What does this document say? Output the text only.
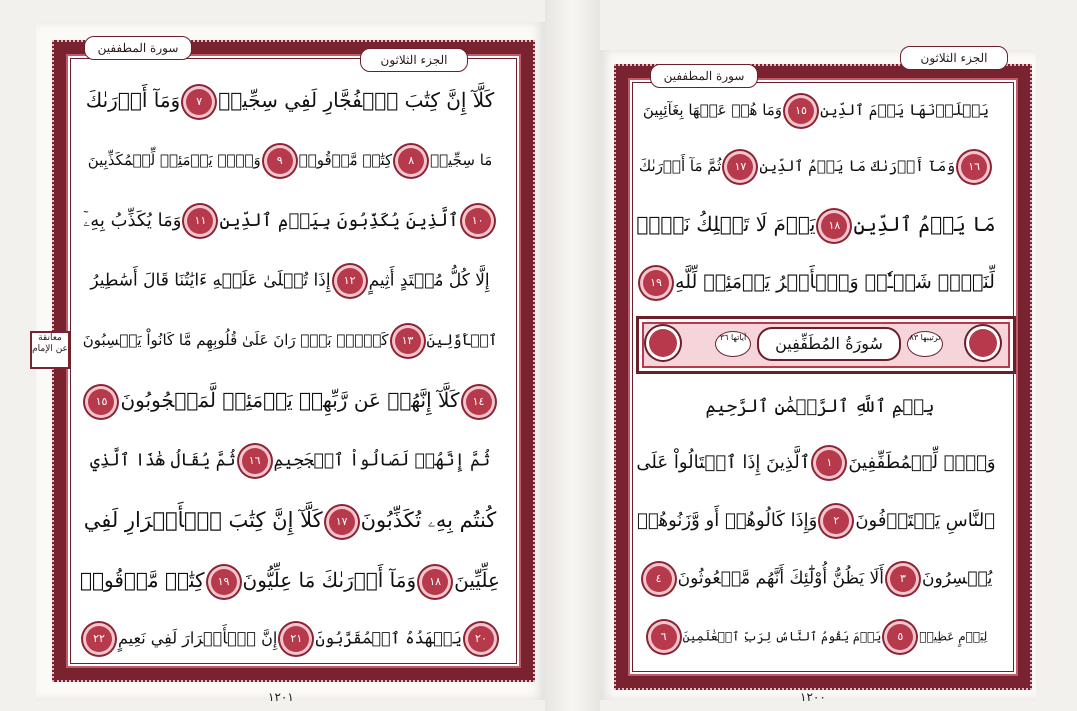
سورة المطففين
الجزء الثلاثون
معانقة عن الإمام
كَلَّآ إِنَّ كِتَٰبَ ٱلۡفُجَّارِ لَفِي سِجِّينٖ٧وَمَآ أَدۡرَىٰكَ
مَا سِجِّينٞ٨كِتَٰبٞ مَّرۡقُومٞ٩وَيۡلٞ يَوۡمَئِذٖ لِّلۡمُكَذِّبِينَ
١٠ٱلَّذِينَ يُكَذِّبُونَ بِيَوۡمِ ٱلدِّينِ١١وَمَا يُكَذِّبُ بِهِۦٓ
إِلَّا كُلُّ مُعۡتَدٍ أَثِيمٍ١٢إِذَا تُتۡلَىٰ عَلَيۡهِ ءَايَٰتُنَا قَالَ أَسَٰطِيرُ
ٱلۡأَوَّلِينَ١٣كَلَّاۖ بَلۡۜ رَانَ عَلَىٰ قُلُوبِهِم مَّا كَانُواْ يَكۡسِبُونَ
١٤كَلَّآ إِنَّهُمۡ عَن رَّبِّهِمۡ يَوۡمَئِذٖ لَّمَحۡجُوبُونَ١٥
ثُمَّ إِنَّهُمۡ لَصَالُواْ ٱلۡجَحِيمِ١٦ثُمَّ يُقَالُ هَٰذَا ٱلَّذِي
كُنتُم بِهِۦ تُكَذِّبُونَ١٧كَلَّآ إِنَّ كِتَٰبَ ٱلۡأَبۡرَارِ لَفِي
عِلِّيِّينَ١٨وَمَآ أَدۡرَىٰكَ مَا عِلِّيُّونَ١٩كِتَٰبٞ مَّرۡقُومٞ
٢٠يَشۡهَدُهُ ٱلۡمُقَرَّبُونَ٢١إِنَّ ٱلۡأَبۡرَارَ لَفِي نَعِيمٍ٢٢
١٢٠١
سورة المطففين
الجزء الثلاثون
يَصۡلَوۡنَهَا يَوۡمَ ٱلدِّينِ١٥وَمَا هُمۡ عَنۡهَا بِغَآئِبِينَ
١٦وَمَآ أَدۡرَىٰكَ مَا يَوۡمُ ٱلدِّينِ١٧ثُمَّ مَآ أَدۡرَىٰكَ
مَا يَوۡمُ ٱلدِّينِ١٨يَوۡمَ لَا تَمۡلِكُ نَفۡسٞ
لِّنَفۡسٖ شَيۡـٔٗاۖ وَٱلۡأَمۡرُ يَوۡمَئِذٖ لِّلَّهِ١٩
آياتها ٣٦	سُورَةُ المُطَفِّفِين	ترتيبها ٨٣
بِسۡمِ ٱللَّهِ ٱلرَّحۡمَٰنِ ٱلرَّحِيمِ
وَيۡلٞ لِّلۡمُطَفِّفِينَ١ٱلَّذِينَ إِذَا ٱكۡتَالُواْ عَلَى
ٱلنَّاسِ يَسۡتَوۡفُونَ٢وَإِذَا كَالُوهُمۡ أَو وَّزَنُوهُمۡ
يُخۡسِرُونَ٣أَلَا يَظُنُّ أُوْلَٰٓئِكَ أَنَّهُم مَّبۡعُوثُونَ٤
لِيَوۡمٍ عَظِيمٖ٥يَوۡمَ يَقُومُ ٱلنَّاسُ لِرَبِّ ٱلۡعَٰلَمِينَ٦
١٢٠٠
